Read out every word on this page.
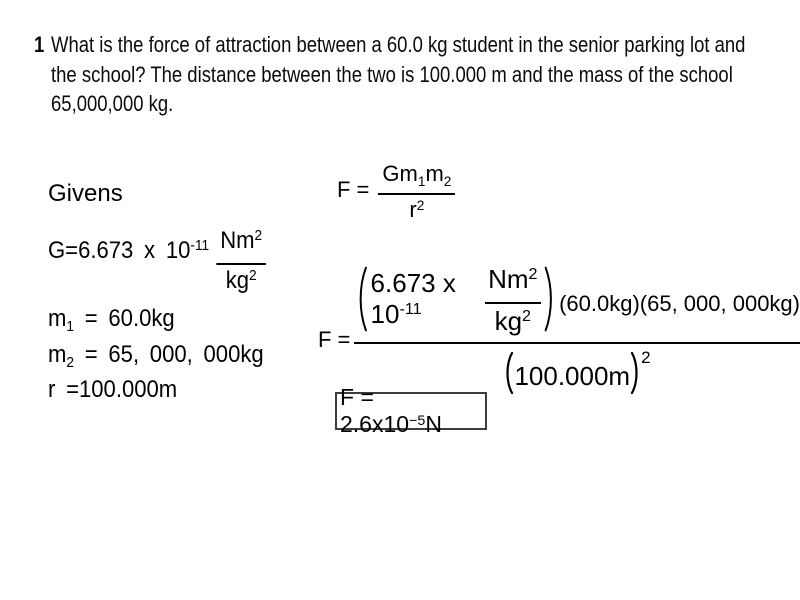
1 What is the force of attraction between a 60.0 kg student in the senior parking lot and
the school? The distance between the two is 100.000 m and the mass of the school
65,000,000 kg.
Givens
G=6.673 x $10^{-11} \frac{Nm^2}{kg^2}$
$m_1 = 60.0kg$
$m_2 = 65$, 000, 000kg
r =100.000m
$F = \frac{Gm_1m_2}{r^2}$
F =
6.673 x $10^{-11}$	$\frac{Nm^2}{kg^2} (60.0kg)(65$, 000, 000kg)
100.000m
2
$F = 2.6x10^{-5}N$
